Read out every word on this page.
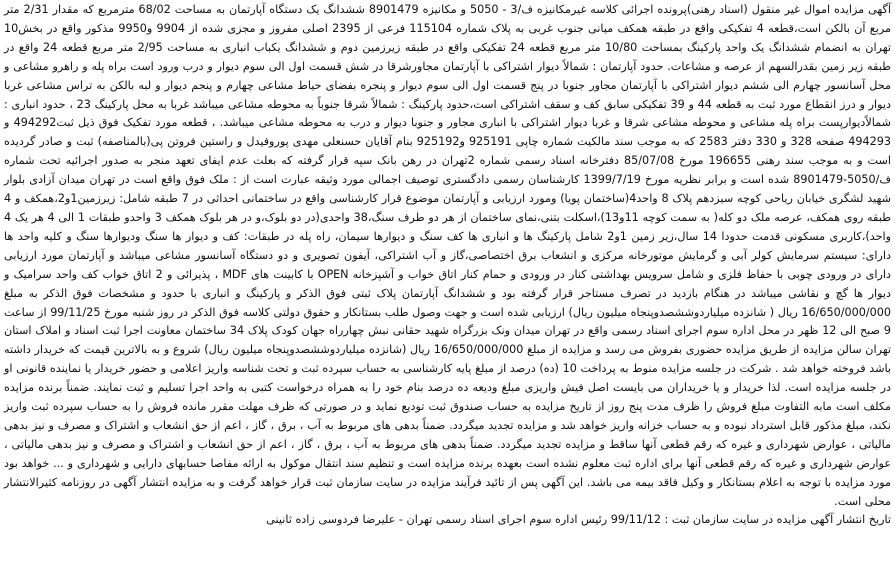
آگهی مزایده اموال غیر منقول (اسناد رهنی)پرونده اجرائی کلاسه غیرمکانیزه ف/3 - 5050 و مکانیزه 8901479 ششدانگ یک دستگاه آپارتمان به مساحت 68/02 مترمربع که مقدار 2/31 متر مربع آن بالکن است،قطعه 4 تفکیکی واقع در طبقه همکف میانی جنوب غربی به پلاک شماره 115104 فرعی از 2395 اصلی مفروز و مجزی شده از 9904 و9950 مذکور واقع در بخش10 تهران به انضمام ششدانگ یک واحد پارکینگ بمساحت 10/80 متر مربع قطعه 24 تفکیکی واقع در طبقه زیرزمین دوم و ششدانگ یکباب انباری به مساحت 2/95 متر مربع قطعه 24 واقع در طبقه زیر زمین بقدرالسهم از عرصه و مشاعات. حدود آپارتمان : شمالاً دیوار اشتراکی با آپارتمان مجاورشرقا در شش قسمت اول الی سوم دیوار و درب ورود است براه پله و راهرو مشاعی و محل آسانسور چهارم الی ششم دیوار اشتراکی با آپارتمان مجاور جنوبا در پنج قسمت اول الی سوم دیوار و پنجره بفضای حیاط مشاعی چهارم و پنجم دیوار و لبه بالکن به تراس مشاعی غربا دیوار و درز انقطاع مورد ثبت به قطعه 44 و 39 تفکیکی سابق کف و سقف اشتراکی است،حدود پارکینگ : شمالاً شرقا جنوباً به محوطه مشاعی میباشد غربا به محل پارکینگ 23 ، حدود انباری : شمالاًدیوارپست براه پله مشاعی و محوطه مشاعی شرقا و غربا دیوار اشتراکی با انباری مجاور و جنوبا دیوار و درب به محوطه مشاعی میباشد. ، قطعه مورد تفکیک فوق ذیل ثبت494292 و 494293 صفحه 328 و 330 دفتر 2583 که به موجب سند مالکیت شماره چاپی 925191 و925192 بنام آقایان حسنعلی مهدی پوروفیدل و راستین فروتن پی(بالمناصفه) ثبت و صادر گردیده است و به موجب سند رهنی 196655 مورخ 85/07/08 دفترخانه اسناد رسمی شماره 2تهران در رهن بانک سپه قرار گرفته که بعلت عدم ایفای تعهد منجر به صدور اجرائیه تحت شماره ف/5050-8901479 شده است و برابر نظریه مورخ 1399/7/19 کارشناسان رسمی دادگستری توصیف اجمالی مورد وثیقه عبارت است از : ملک فوق واقع است در تهران میدان آزادی بلوار شهید لشگری خیابان ریاحی کوچه سیزدهم پلاک 8 واحد4(ساختمان پویا) ومورد ارزیابی و آپارتمان موضوع قرار کارشناسی واقع در ساختمانی احداثی در 7 طبقه شامل: زیرزمین1و2،همکف و 4 طبقه روی همکف، عرصه ملک دو کله( به سمت کوچه 11و13)،اسکلت بتنی،نمای ساختمان از هر دو طرف سنگ،38 واحدی(در دو بلوک،و در هر بلوک همکف 3 واحدو طبقات 1 الی 4 هر یک 4 واحد)،کاربری مسکونی قدمت حدودا 14 سال،زیر زمین 1و2 شامل پارکینگ ها و انباری ها کف سنگ و دیوارها سیمان، راه پله در طبقات: کف و دیوار ها سنگ ودیوارها سنگ و کلیه واحد ها دارای: سیستم سرمایش کولر آبی و گرمایش موتورخانه مرکزی و انشعاب برق اختصاصی،گاز و آب اشتراکی، آیفون تصویری و دو دستگاه آسانسور مشاعی میباشد و آپارتمان مورد ارزیابی دارای در ورودی چوبی با حفاظ فلزی و شامل سرویس بهداشتی کنار در ورودی و حمام کنار اتاق خواب و آشپزخانه OPEN با کابینت های MDF ، پذیرائی و 2 اتاق خواب کف واحد سرامیک و دیوار ها گچ و نقاشی میباشد در هنگام بازدید در تصرف مستاجر قرار گرفته بود و ششدانگ آپارتمان پلاک ثبتی فوق الذکر و پارکینگ و انباری با حدود و مشخصات فوق الذکر به مبلغ 16/650/000/000 ریال ( شانزده میلیاردوششصدوپنجاه میلیون ریال) ارزیابی شده است و جهت وصول طلب بستانکار و حقوق دولتی کلاسه فوق الذکر در روز شنبه مورخ 99/11/25 از ساعت 9 صبح الی 12 ظهر در محل اداره سوم اجرای اسناد رسمی واقع در تهران میدان ونک بزرگراه شهید حقانی نبش چهارراه جهان کودک پلاک 34 ساختمان معاونت اجرا ثبت اسناد و املاک استان تهران سالن مزایده از طریق مزایده حضوری بفروش می رسد و مزایده از مبلغ 16/650/000/000 ریال (شانزده میلیاردوششصدوپنجاه میلیون ریال) شروع و به بالاترین قیمت که خریدار داشته باشد فروخته خواهد شد . شرکت در جلسه مزایده منوط به پرداخت 10 (ده) درصد از مبلغ پایه کارشناسی به حساب سپرده ثبت و تحت شناسه واریز اعلامی و حضور خریدار یا نماینده قانونی او در جلسه مزایده است. لذا خریدار و یا خریداران می بایست اصل فیش واریزی مبلغ ودیعه ده درصد بنام خود را به همراه درخواست کتبی به واحد اجرا تسلیم و ثبت نمایند. ضمناً برنده مزایده مکلف است مابه التفاوت مبلغ فروش را ظرف مدت پنج روز از تاریخ مزایده به حساب صندوق ثبت تودیع نماید و در صورتی که ظرف مهلت مقرر مانده فروش را به حساب سپرده ثبت واریز نکند، مبلغ مذکور قابل استرداد نبوده و به حساب خزانه واریز خواهد شد و مزایده تجدید میگردد. ضمناً بدهی های مربوط به آب ، برق ، گاز ، اعم از حق انشعاب و اشتراک و مصرف و نیز بدهی مالیاتی ، عوارض شهرداری و غیره که رقم قطعی آنها ساقط و مزایده تجدید میگردد. ضمناً بدهی های مربوط به آب ، برق ، گاز ، اعم از حق انشعاب و اشتراک و مصرف و نیز بدهی مالیاتی ، عوارض شهرداری و غیره که رقم قطعی آنها برای اداره ثبت معلوم نشده است بعهده برنده مزایده است و تنظیم سند انتقال موکول به ارائه مفاصا حسابهای دارایی و شهرداری و ... خواهد بود مورد مزایده با توجه به اعلام بستانکار و وکیل فاقد بیمه می باشد. این آگهی پس از تائید فرآیند مزایده در سایت سازمان ثبت قرار خواهد گرفت و به مزایده انتشار آگهی در روزنامه کثیرالانتشار محلی است.

تاریخ انتشار آگهی مزایده در سایت سازمان ثبت : 99/11/12 رئیس اداره سوم اجرای اسناد رسمی تهران - علیرضا فردوسی زاده ثانینی
